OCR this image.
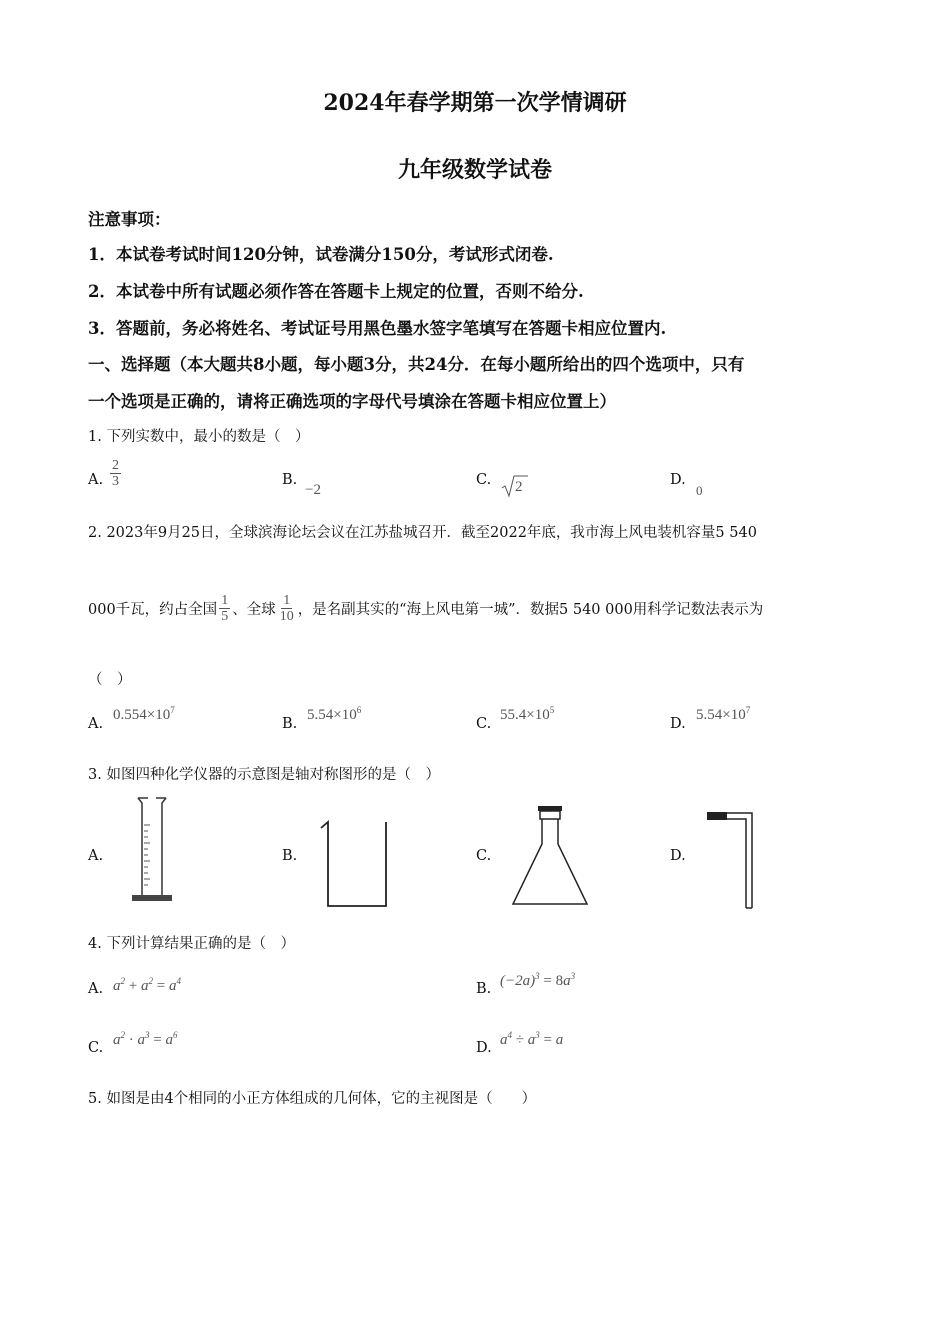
2024年春学期第一次学情调研
九年级数学试卷
注意事项：
1．本试卷考试时间120分钟，试卷满分150分，考试形式闭卷.
2．本试卷中所有试题必须作答在答题卡上规定的位置，否则不给分.
3．答题前，务必将姓名、考试证号用黑色墨水签字笔填写在答题卡相应位置内.
一、选择题（本大题共8小题，每小题3分，共24分．在每小题所给出的四个选项中，只有
一个选项是正确的，请将正确选项的字母代号填涂在答题卡相应位置上）
1. 下列实数中，最小的数是（　）
A. $\frac{2}{3}$	B.
−2
C. 2	D.
0
2. 2023年9月25日，全球滨海论坛会议在江苏盐城召开．截至2022年底，我市海上风电装机容量5 540
000千瓦，约占全国 $\frac{1}{5}$ 、全球 $\frac{1}{10}$ ，是名副其实的“海上风电第一城”．数据5 540 000用科学记数法表示为
（　）
A.
$0.554\times 10^7$
B.
$5.54\times 10^6$
C.
$55.4\times 10^5$
D.
$5.54\times 10^7$
3. 如图四种化学仪器的示意图是轴对称图形的是（　）
A.	B.	C.	D.
4. 下列计算结果正确的是（　）
A. $a^2 + a^2 = a^4$	B. $(-2a)^3 = 8a^3$
C. $a^2 \cdot a^3 = a^6$
D. $a^4 \div a^3 = a$
5. 如图是由4个相同的小正方体组成的几何体，它的主视图是（　　）
